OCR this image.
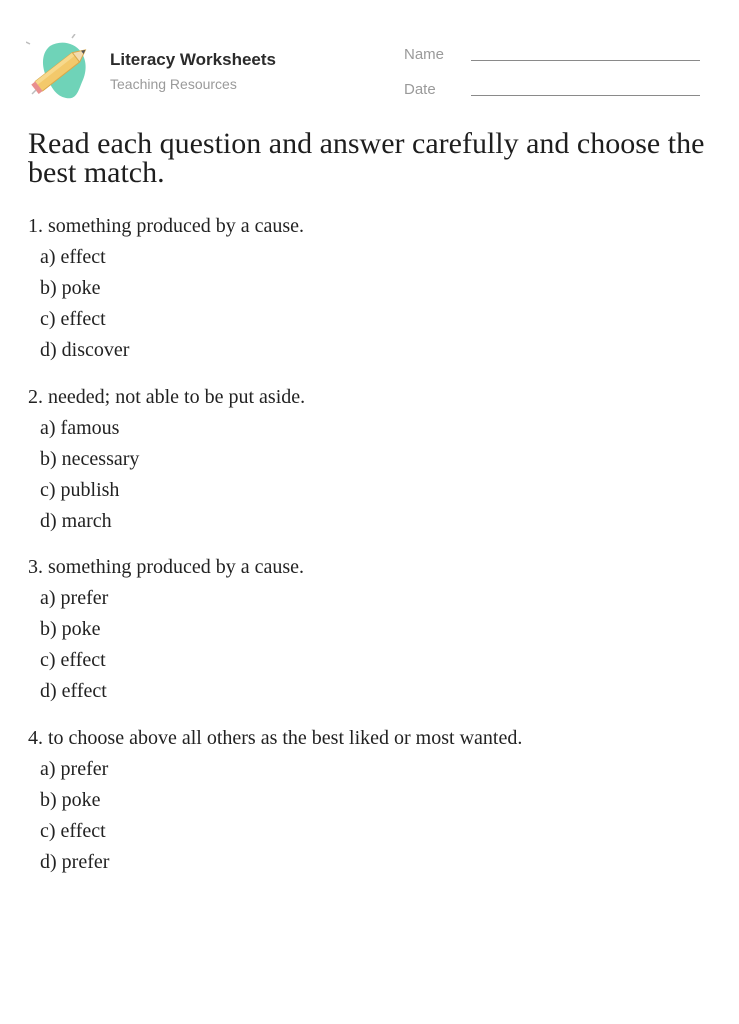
Literacy Worksheets
Teaching Resources
Name
Date
Read each question and answer carefully and choose the best match.
1. something produced by a cause.
a) effect
b) poke
c) effect
d) discover
2. needed; not able to be put aside.
a) famous
b) necessary
c) publish
d) march
3. something produced by a cause.
a) prefer
b) poke
c) effect
d) effect
4. to choose above all others as the best liked or most wanted.
a) prefer
b) poke
c) effect
d) prefer
